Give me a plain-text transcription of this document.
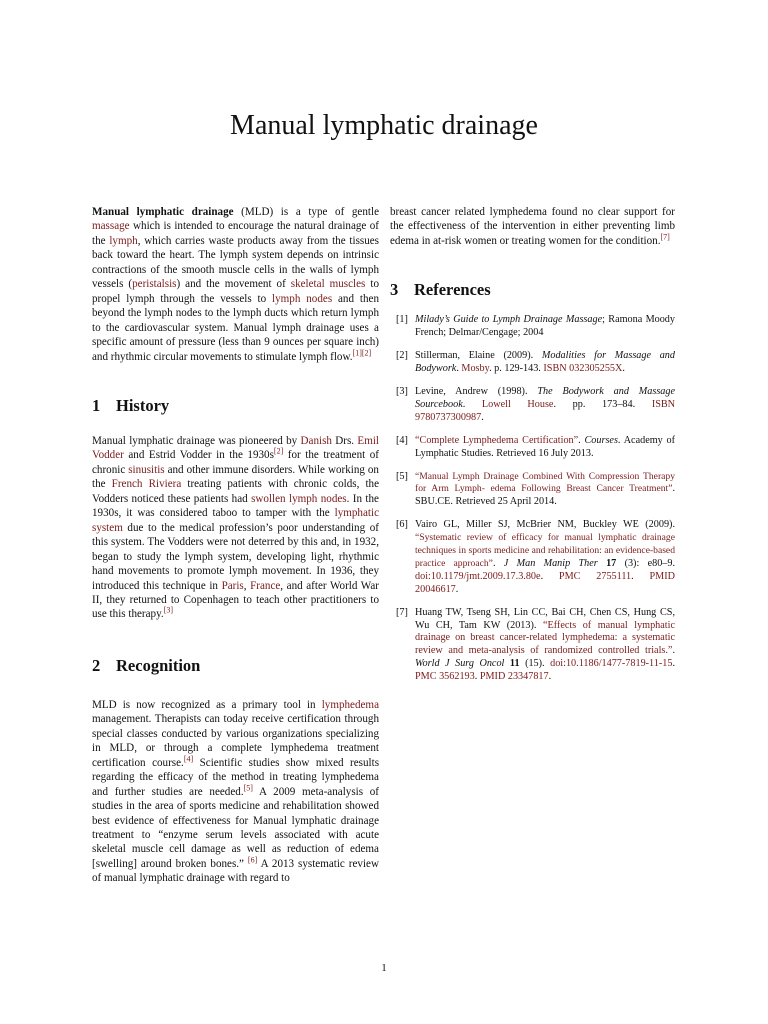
Manual lymphatic drainage

Manual lymphatic drainage (MLD) is a type of gentle massage which is intended to encourage the natural drainage of the lymph, which carries waste products away from the tissues back toward the heart. The lymph system depends on intrinsic contractions of the smooth muscle cells in the walls of lymph vessels (peristalsis) and the movement of skeletal muscles to propel lymph through the vessels to lymph nodes and then beyond the lymph nodes to the lymph ducts which return lymph to the cardiovascular system. Manual lymph drainage uses a specific amount of pressure (less than 9 ounces per square inch) and rhythmic circular movements to stimulate lymph flow.[1][2]

1 History

Manual lymphatic drainage was pioneered by Danish Drs. Emil Vodder and Estrid Vodder in the 1930s[2] for the treatment of chronic sinusitis and other immune disorders. While working on the French Riviera treating patients with chronic colds, the Vodders noticed these patients had swollen lymph nodes. In the 1930s, it was considered taboo to tamper with the lymphatic system due to the medical profession’s poor understanding of this system. The Vodders were not deterred by this and, in 1932, began to study the lymph system, developing light, rhythmic hand movements to promote lymph movement. In 1936, they introduced this technique in Paris, France, and after World War II, they returned to Copenhagen to teach other practitioners to use this therapy.[3]

2 Recognition

MLD is now recognized as a primary tool in lymphedema management. Therapists can today receive certification through special classes conducted by various organizations specializing in MLD, or through a complete lymphedema treatment certification course.[4] Scientific studies show mixed results regarding the efficacy of the method in treating lymphedema and further studies are needed.[5] A 2009 meta-analysis of studies in the area of sports medicine and rehabilitation showed best evidence of effectiveness for Manual lymphatic drainage treatment to “enzyme serum levels associated with acute skeletal muscle cell damage as well as reduction of edema [swelling] around broken bones.” [6] A 2013 systematic review of manual lymphatic drainage with regard to

breast cancer related lymphedema found no clear support for the effectiveness of the intervention in either preventing limb edema in at-risk women or treating women for the condition.[7]

3 References

[1] Milady’s Guide to Lymph Drainage Massage; Ramona Moody French; Delmar/Cengage; 2004

[2] Stillerman, Elaine (2009). Modalities for Massage and Bodywork. Mosby. p. 129-143. ISBN 032305255X.

[3] Levine, Andrew (1998). The Bodywork and Massage Sourcebook. Lowell House. pp. 173–84. ISBN 9780737300987.

[4] “Complete Lymphedema Certification”. Courses. Academy of Lymphatic Studies. Retrieved 16 July 2013.

[5] “Manual Lymph Drainage Combined With Compression Therapy for Arm Lymph- edema Following Breast Cancer Treatment”. SBU.CE. Retrieved 25 April 2014.

[6] Vairo GL, Miller SJ, McBrier NM, Buckley WE (2009). “Systematic review of efficacy for manual lymphatic drainage techniques in sports medicine and rehabilitation: an evidence-based practice approach”. J Man Manip Ther 17 (3): e80–9. doi:10.1179/jmt.2009.17.3.80e. PMC 2755111. PMID 20046617.

[7] Huang TW, Tseng SH, Lin CC, Bai CH, Chen CS, Hung CS, Wu CH, Tam KW (2013). “Effects of manual lymphatic drainage on breast cancer-related lymphedema: a systematic review and meta-analysis of randomized controlled trials.”. World J Surg Oncol 11 (15). doi:10.1186/1477-7819-11-15. PMC 3562193. PMID 23347817.

1
